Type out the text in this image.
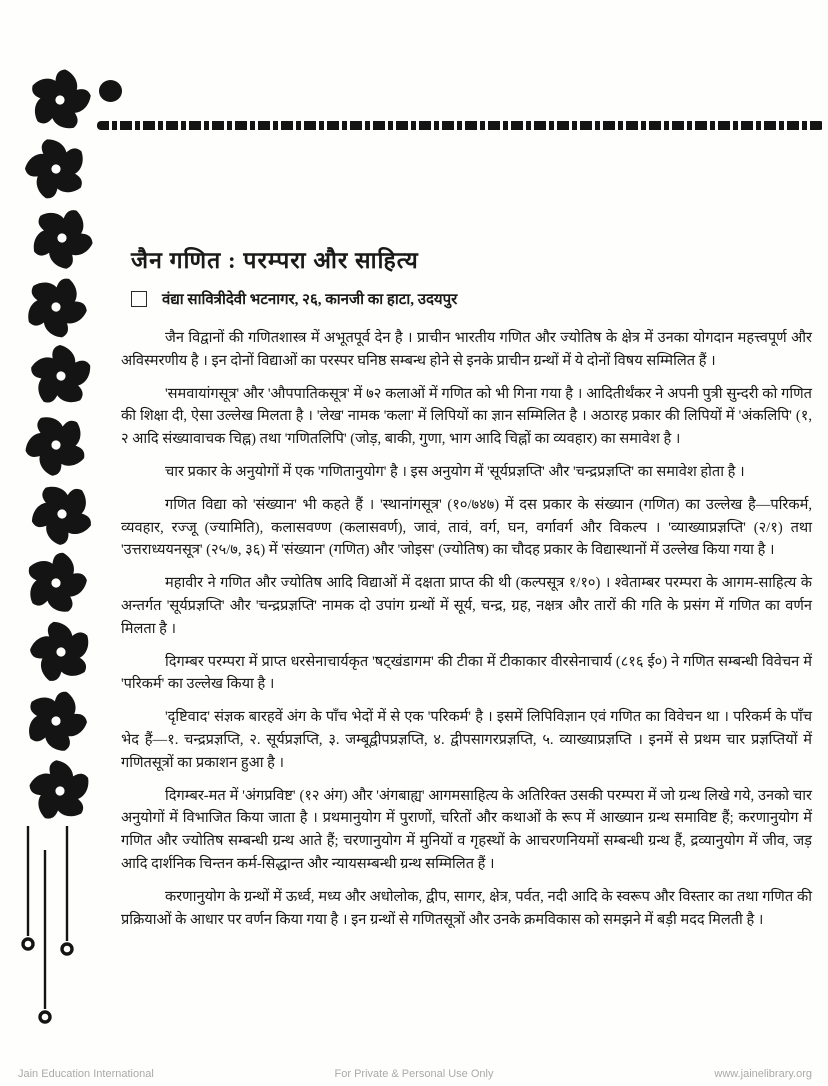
जैन गणित : परम्परा और साहित्य
वंद्या सावित्रीदेवी भटनागर, २६, कानजी का हाटा, उदयपुर

जैन विद्वानों की गणितशास्त्र में अभूतपूर्व देन है । प्राचीन भारतीय गणित और ज्योतिष के क्षेत्र में उनका योगदान महत्त्वपूर्ण और अविस्मरणीय है । इन दोनों विद्याओं का परस्पर घनिष्ठ सम्बन्ध होने से इनके प्राचीन ग्रन्थों में ये दोनों विषय सम्मिलित हैं ।

'समवायांगसूत्र' और 'औपपातिकसूत्र' में ७२ कलाओं में गणित को भी गिना गया है । आदितीर्थंकर ने अपनी पुत्री सुन्दरी को गणित की शिक्षा दी, ऐसा उल्लेख मिलता है । 'लेख' नामक 'कला' में लिपियों का ज्ञान सम्मिलित है । अठारह प्रकार की लिपियों में 'अंकलिपि' (१, २ आदि संख्यावाचक चिह्न) तथा 'गणितलिपि' (जोड़, बाकी, गुणा, भाग आदि चिह्नों का व्यवहार) का समावेश है ।

चार प्रकार के अनुयोगों में एक 'गणितानुयोग' है । इस अनुयोग में 'सूर्यप्रज्ञप्ति' और 'चन्द्रप्रज्ञप्ति' का समावेश होता है ।

गणित विद्या को 'संख्यान' भी कहते हैं । 'स्थानांगसूत्र' (१०/७४७) में दस प्रकार के संख्यान (गणित) का उल्लेख है—परिकर्म, व्यवहार, रज्जू (ज्यामिति), कलासवण्ण (कलासवर्ण), जावं, तावं, वर्ग, घन, वर्गावर्ग और विकल्प । 'व्याख्याप्रज्ञप्ति' (२/१) तथा 'उत्तराध्ययनसूत्र' (२५/७, ३६) में 'संख्यान' (गणित) और 'जोइस' (ज्योतिष) का चौदह प्रकार के विद्यास्थानों में उल्लेख किया गया है ।

महावीर ने गणित और ज्योतिष आदि विद्याओं में दक्षता प्राप्त की थी (कल्पसूत्र १/१०) । श्वेताम्बर परम्परा के आगम-साहित्य के अन्तर्गत 'सूर्यप्रज्ञप्ति' और 'चन्द्रप्रज्ञप्ति' नामक दो उपांग ग्रन्थों में सूर्य, चन्द्र, ग्रह, नक्षत्र और तारों की गति के प्रसंग में गणित का वर्णन मिलता है ।

दिगम्बर परम्परा में प्राप्त धरसेनाचार्यकृत 'षट्खंडागम' की टीका में टीकाकार वीरसेनाचार्य (८१६ ई०) ने गणित सम्बन्धी विवेचन में 'परिकर्म' का उल्लेख किया है ।

'दृष्टिवाद' संज्ञक बारहवें अंग के पाँच भेदों में से एक 'परिकर्म' है । इसमें लिपिविज्ञान एवं गणित का विवेचन था । परिकर्म के पाँच भेद हैं—१. चन्द्रप्रज्ञप्ति, २. सूर्यप्रज्ञप्ति, ३. जम्बूद्वीपप्रज्ञप्ति, ४. द्वीपसागरप्रज्ञप्ति, ५. व्याख्याप्रज्ञप्ति । इनमें से प्रथम चार प्रज्ञप्तियों में गणितसूत्रों का प्रकाशन हुआ है ।

दिगम्बर-मत में 'अंगप्रविष्ट' (१२ अंग) और 'अंगबाह्य' आगमसाहित्य के अतिरिक्त उसकी परम्परा में जो ग्रन्थ लिखे गये, उनको चार अनुयोगों में विभाजित किया जाता है । प्रथमानुयोग में पुराणों, चरितों और कथाओं के रूप में आख्यान ग्रन्थ समाविष्ट हैं; करणानुयोग में गणित और ज्योतिष सम्बन्धी ग्रन्थ आते हैं; चरणानुयोग में मुनियों व गृहस्थों के आचरणनियमों सम्बन्धी ग्रन्थ हैं, द्रव्यानुयोग में जीव, जड़ आदि दार्शनिक चिन्तन कर्म-सिद्धान्त और न्यायसम्बन्धी ग्रन्थ सम्मिलित हैं ।

करणानुयोग के ग्रन्थों में ऊर्ध्व, मध्य और अधोलोक, द्वीप, सागर, क्षेत्र, पर्वत, नदी आदि के स्वरूप और विस्तार का तथा गणित की प्रक्रियाओं के आधार पर वर्णन किया गया है । इन ग्रन्थों से गणितसूत्रों और उनके क्रमविकास को समझने में बड़ी मदद मिलती है ।

Jain Education International	For Private & Personal Use Only	www.jainelibrary.org
